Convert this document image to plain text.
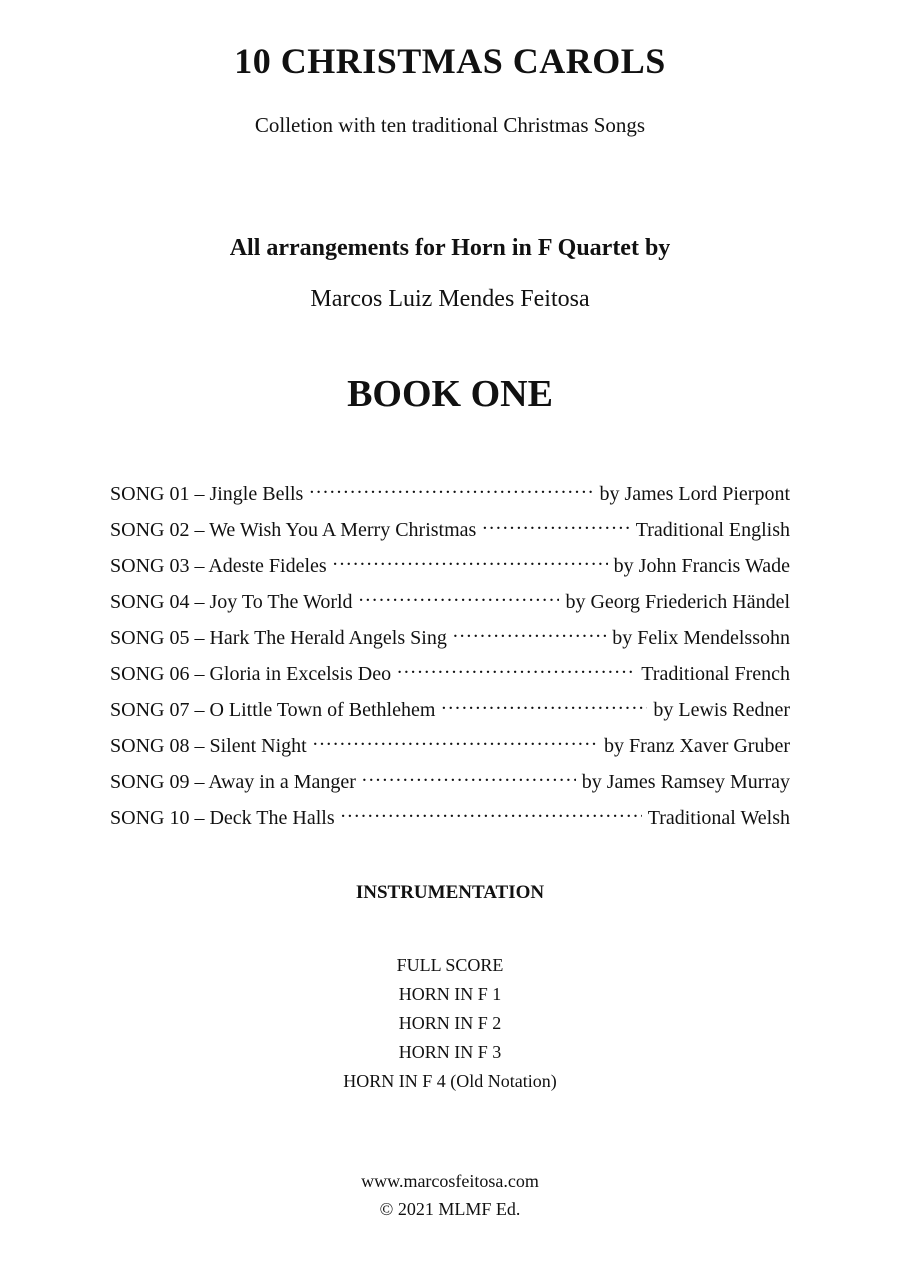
10 CHRISTMAS CAROLS
Colletion with ten traditional Christmas Songs
All arrangements for Horn in F Quartet by
Marcos Luiz Mendes Feitosa
BOOK ONE
SONG 01 – Jingle Bells . . .	by James Lord Pierpont
SONG 02 – We Wish You A Merry Christmas . . .	Traditional English
SONG 03 – Adeste Fideles . . .	by John Francis Wade
SONG 04 – Joy To The World . . .	by Georg Friederich Händel
SONG 05 – Hark The Herald Angels Sing . . .	by Felix Mendelssohn
SONG 06 – Gloria in Excelsis Deo . . .	Traditional French
SONG 07 – O Little Town of Bethlehem . . .	by Lewis Redner
SONG 08 – Silent Night . . .	by Franz Xaver Gruber
SONG 09 – Away in a Manger . . .	by James Ramsey Murray
SONG 10 – Deck The Halls . . .	Traditional Welsh
INSTRUMENTATION
FULL SCORE
HORN IN F 1
HORN IN F 2
HORN IN F 3
HORN IN F 4 (Old Notation)
www.marcosfeitosa.com
© 2021 MLMF Ed.
